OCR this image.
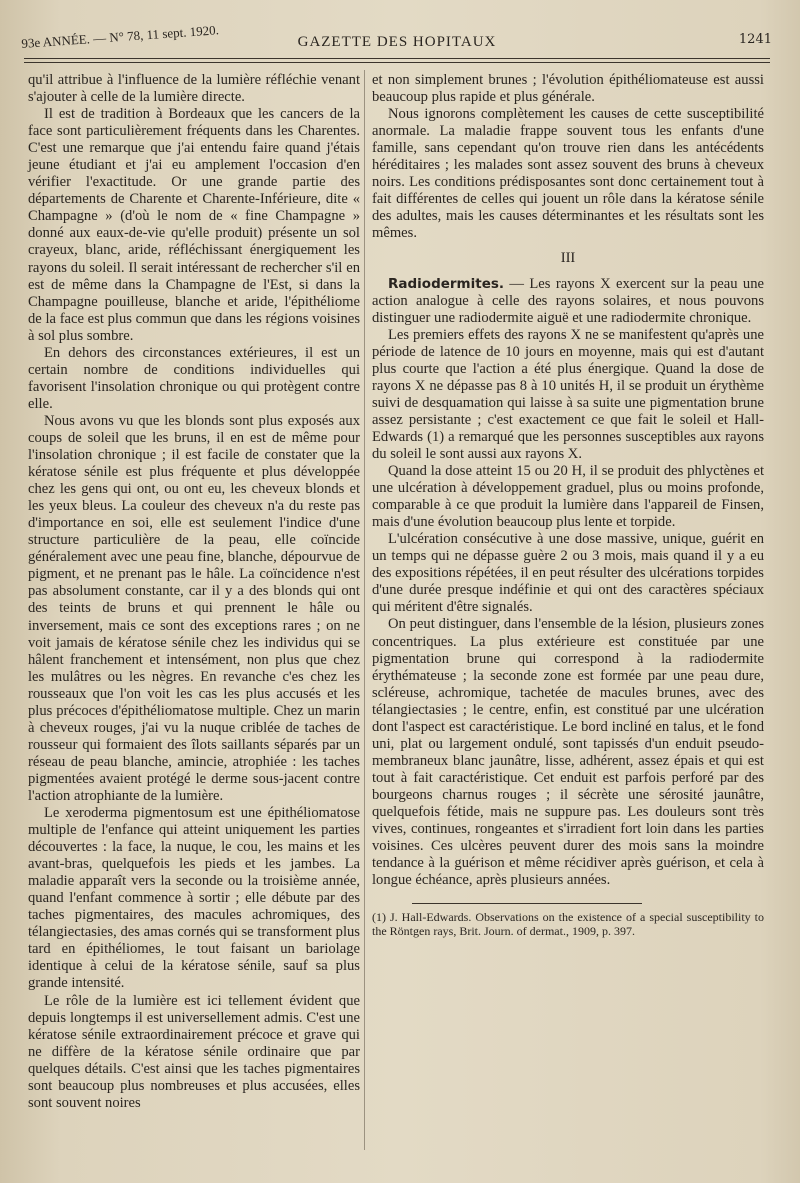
93e ANNÉE. — N° 78, 11 sept. 1920.	GAZETTE DES HOPITAUX	1241

qu'il attribue à l'influence de la lumière réfléchie venant s'ajouter à celle de la lumière directe.

Il est de tradition à Bordeaux que les cancers de la face sont particulièrement fréquents dans les Charentes. C'est une remarque que j'ai entendu faire quand j'étais jeune étudiant et j'ai eu amplement l'occasion d'en vérifier l'exactitude. Or une grande partie des départements de Charente et Charente-Inférieure, dite « Champagne » (d'où le nom de « fine Champagne » donné aux eaux-de-vie qu'elle produit) présente un sol crayeux, blanc, aride, réfléchissant énergiquement les rayons du soleil. Il serait intéressant de rechercher s'il en est de même dans la Champagne de l'Est, si dans la Champagne pouilleuse, blanche et aride, l'épithéliome de la face est plus commun que dans les régions voisines à sol plus sombre.

En dehors des circonstances extérieures, il est un certain nombre de conditions individuelles qui favorisent l'insolation chronique ou qui protègent contre elle.

Nous avons vu que les blonds sont plus exposés aux coups de soleil que les bruns, il en est de même pour l'insolation chronique ; il est facile de constater que la kératose sénile est plus fréquente et plus développée chez les gens qui ont, ou ont eu, les cheveux blonds et les yeux bleus. La couleur des cheveux n'a du reste pas d'importance en soi, elle est seulement l'indice d'une structure particulière de la peau, elle coïncide généralement avec une peau fine, blanche, dépourvue de pigment, et ne prenant pas le hâle. La coïncidence n'est pas absolument constante, car il y a des blonds qui ont des teints de bruns et qui prennent le hâle ou inversement, mais ce sont des exceptions rares ; on ne voit jamais de kératose sénile chez les individus qui se hâlent franchement et intensément, non plus que chez les mulâtres ou les nègres. En revanche c'es chez les rousseaux que l'on voit les cas les plus accusés et les plus précoces d'épithéliomatose multiple. Chez un marin à cheveux rouges, j'ai vu la nuque criblée de taches de rousseur qui formaient des îlots saillants séparés par un réseau de peau blanche, amincie, atrophiée : les taches pigmentées avaient protégé le derme sous-jacent contre l'action atrophiante de la lumière.

Le xeroderma pigmentosum est une épithéliomatose multiple de l'enfance qui atteint uniquement les parties découvertes : la face, la nuque, le cou, les mains et les avant-bras, quelquefois les pieds et les jambes. La maladie apparaît vers la seconde ou la troisième année, quand l'enfant commence à sortir ; elle débute par des taches pigmentaires, des macules achromiques, des télangiectasies, des amas cornés qui se transforment plus tard en épithéliomes, le tout faisant un bariolage identique à celui de la kératose sénile, sauf sa plus grande intensité.

Le rôle de la lumière est ici tellement évident que depuis longtemps il est universellement admis. C'est une kératose sénile extraordinairement précoce et grave qui ne diffère de la kératose sénile ordinaire que par quelques détails. C'est ainsi que les taches pigmentaires sont beaucoup plus nombreuses et plus accusées, elles sont souvent noires

et non simplement brunes ; l'évolution épithéliomateuse est aussi beaucoup plus rapide et plus générale.

Nous ignorons complètement les causes de cette susceptibilité anormale. La maladie frappe souvent tous les enfants d'une famille, sans cependant qu'on trouve rien dans les antécédents héréditaires ; les malades sont assez souvent des bruns à cheveux noirs. Les conditions prédisposantes sont donc certainement tout à fait différentes de celles qui jouent un rôle dans la kératose sénile des adultes, mais les causes déterminantes et les résultats sont les mêmes.

III

Radiodermites. — Les rayons X exercent sur la peau une action analogue à celle des rayons solaires, et nous pouvons distinguer une radiodermite aiguë et une radiodermite chronique.

Les premiers effets des rayons X ne se manifestent qu'après une période de latence de 10 jours en moyenne, mais qui est d'autant plus courte que l'action a été plus énergique. Quand la dose de rayons X ne dépasse pas 8 à 10 unités H, il se produit un érythème suivi de desquamation qui laisse à sa suite une pigmentation brune assez persistante ; c'est exactement ce que fait le soleil et Hall-Edwards (1) a remarqué que les personnes susceptibles aux rayons du soleil le sont aussi aux rayons X.

Quand la dose atteint 15 ou 20 H, il se produit des phlyctènes et une ulcération à développement graduel, plus ou moins profonde, comparable à ce que produit la lumière dans l'appareil de Finsen, mais d'une évolution beaucoup plus lente et torpide.

L'ulcération consécutive à une dose massive, unique, guérit en un temps qui ne dépasse guère 2 ou 3 mois, mais quand il y a eu des expositions répétées, il en peut résulter des ulcérations torpides d'une durée presque indéfinie et qui ont des caractères spéciaux qui méritent d'être signalés.

On peut distinguer, dans l'ensemble de la lésion, plusieurs zones concentriques. La plus extérieure est constituée par une pigmentation brune qui correspond à la radiodermite érythémateuse ; la seconde zone est formée par une peau dure, scléreuse, achromique, tachetée de macules brunes, avec des télangiectasies ; le centre, enfin, est constitué par une ulcération dont l'aspect est caractéristique. Le bord incliné en talus, et le fond uni, plat ou largement ondulé, sont tapissés d'un enduit pseudo-membraneux blanc jaunâtre, lisse, adhérent, assez épais et qui est tout à fait caractéristique. Cet enduit est parfois perforé par des bourgeons charnus rouges ; il sécrète une sérosité jaunâtre, quelquefois fétide, mais ne suppure pas. Les douleurs sont très vives, continues, rongeantes et s'irradient fort loin dans les parties voisines. Ces ulcères peuvent durer des mois sans la moindre tendance à la guérison et même récidiver après guérison, et cela à longue échéance, après plusieurs années.

(1) J. Hall-Edwards. Observations on the existence of a special susceptibility to the Röntgen rays, Brit. Journ. of dermat., 1909, p. 397.
